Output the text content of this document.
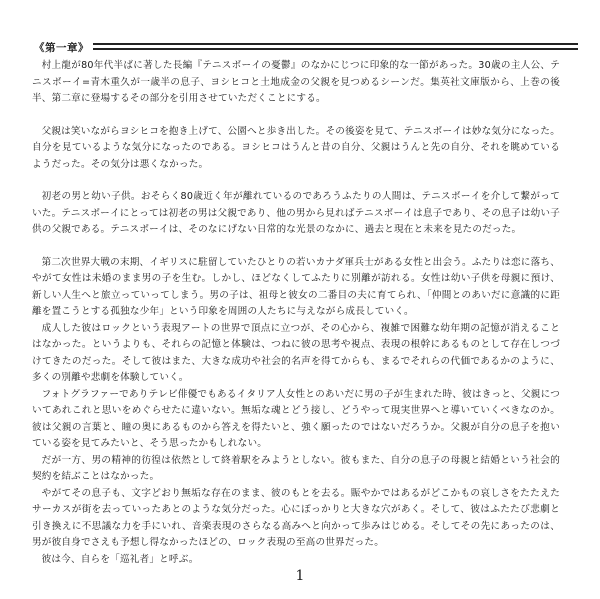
《第一章》

村上龍が80年代半ばに著した長編『テニスボーイの憂鬱』のなかにじつに印象的な一節があった。30歳の主人公、テニスボーイ=青木重久が一歳半の息子、ヨシヒコと土地成金の父親を見つめるシーンだ。集英社文庫版から、上巻の後半、第二章に登場するその部分を引用させていただくことにする。

父親は笑いながらヨシヒコを抱き上げて、公園へと歩き出した。その後姿を見て、テニスボーイは妙な気分になった。自分を見ているような気分になったのである。ヨシヒコはうんと昔の自分、父親はうんと先の自分、それを眺めているようだった。その気分は悪くなかった。

初老の男と幼い子供。おそらく80歳近く年が離れているのであろうふたりの人間は、テニスボーイを介して繋がっていた。テニスボーイにとっては初老の男は父親であり、他の男から見ればテニスボーイは息子であり、その息子は幼い子供の父親である。テニスボーイは、そのなにげない日常的な光景のなかに、過去と現在と未来を見たのだった。

第二次世界大戦の末期、イギリスに駐留していたひとりの若いカナダ軍兵士がある女性と出会う。ふたりは恋に落ち、やがて女性は未婚のまま男の子を生む。しかし、ほどなくしてふたりに別離が訪れる。女性は幼い子供を母親に預け、新しい人生へと旅立っていってしまう。男の子は、祖母と彼女の二番目の夫に育てられ、「仲間とのあいだに意識的に距離を置こうとする孤独な少年」という印象を周囲の人たちに与えながら成長していく。

成人した彼はロックという表現アートの世界で頂点に立つが、その心から、複雑で困難な幼年期の記憶が消えることはなかった。というよりも、それらの記憶と体験は、つねに彼の思考や視点、表現の根幹にあるものとして存在しつづけてきたのだった。そして彼はまた、大きな成功や社会的名声を得てからも、まるでそれらの代価であるかのように、多くの別離や悲劇を体験していく。

フォトグラファーでありテレビ俳優でもあるイタリア人女性とのあいだに男の子が生まれた時、彼はきっと、父親についてあれこれと思いをめぐらせたに違いない。無垢な魂とどう接し、どうやって現実世界へと導いていくべきなのか。彼は父親の言葉と、瞳の奥にあるものから答えを得たいと、強く願ったのではないだろうか。父親が自分の息子を抱いている姿を見てみたいと、そう思ったかもしれない。

だが一方、男の精神的彷徨は依然として終着駅をみようとしない。彼もまた、自分の息子の母親と結婚という社会的契約を結ぶことはなかった。

やがてその息子も、文字どおり無垢な存在のまま、彼のもとを去る。賑やかではあるがどこかもの哀しさをたたえたサーカスが街を去っていったあとのような気分だった。心にぽっかりと大きな穴があく。そして、彼はふたたび悲劇と引き換えに不思議な力を手にいれ、音楽表現のさらなる高みへと向かって歩みはじめる。そしてその先にあったのは、男が彼自身でさえも予想し得なかったほどの、ロック表現の至高の世界だった。

彼は今、自らを「巡礼者」と呼ぶ。

1
